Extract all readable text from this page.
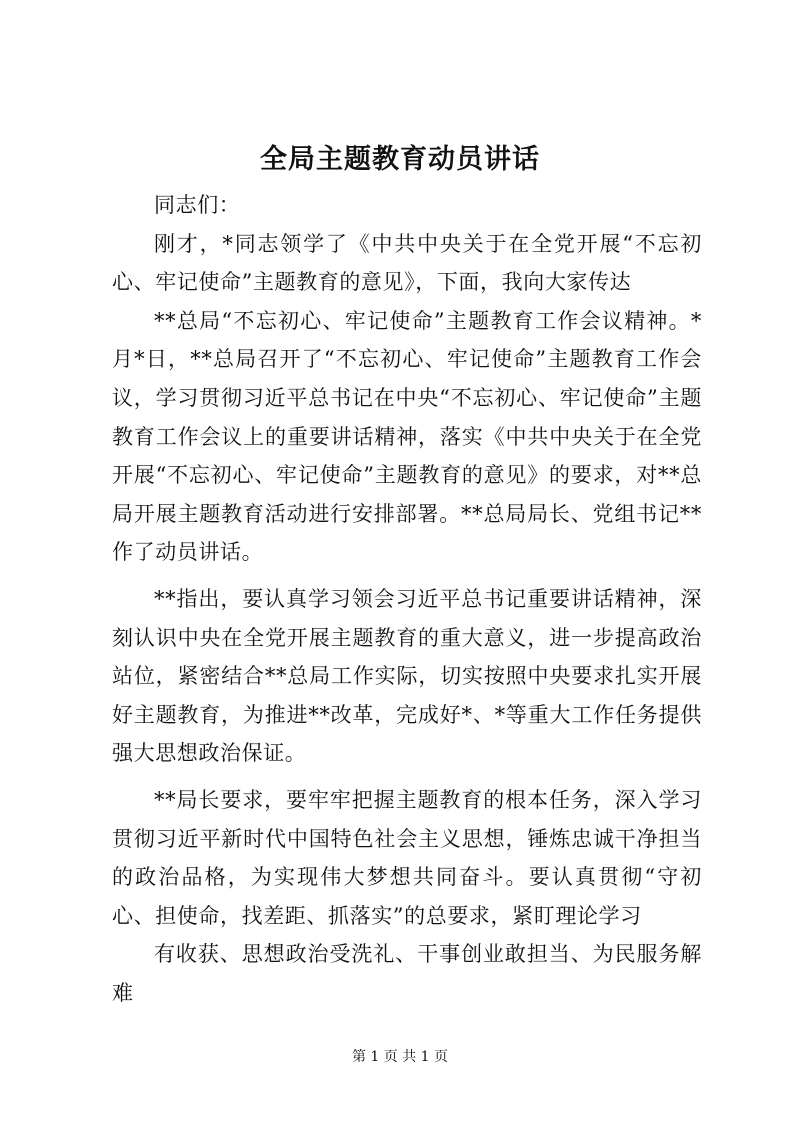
全局主题教育动员讲话

同志们：

刚才，*同志领学了《中共中央关于在全党开展“不忘初心、牢记使命”主题教育的意见》，下面，我向大家传达

**总局“不忘初心、牢记使命”主题教育工作会议精神。*月*日，**总局召开了“不忘初心、牢记使命”主题教育工作会议，学习贯彻习近平总书记在中央“不忘初心、牢记使命”主题教育工作会议上的重要讲话精神，落实《中共中央关于在全党开展“不忘初心、牢记使命”主题教育的意见》的要求，对**总局开展主题教育活动进行安排部署。**总局局长、党组书记**作了动员讲话。

**指出，要认真学习领会习近平总书记重要讲话精神，深刻认识中央在全党开展主题教育的重大意义，进一步提高政治站位，紧密结合**总局工作实际，切实按照中央要求扎实开展好主题教育，为推进**改革，完成好*、*等重大工作任务提供强大思想政治保证。

**局长要求，要牢牢把握主题教育的根本任务，深入学习贯彻习近平新时代中国特色社会主义思想，锤炼忠诚干净担当的政治品格，为实现伟大梦想共同奋斗。要认真贯彻“守初心、担使命，找差距、抓落实”的总要求，紧盯理论学习

有收获、思想政治受洗礼、干事创业敢担当、为民服务解难

第 1 页 共 1 页
